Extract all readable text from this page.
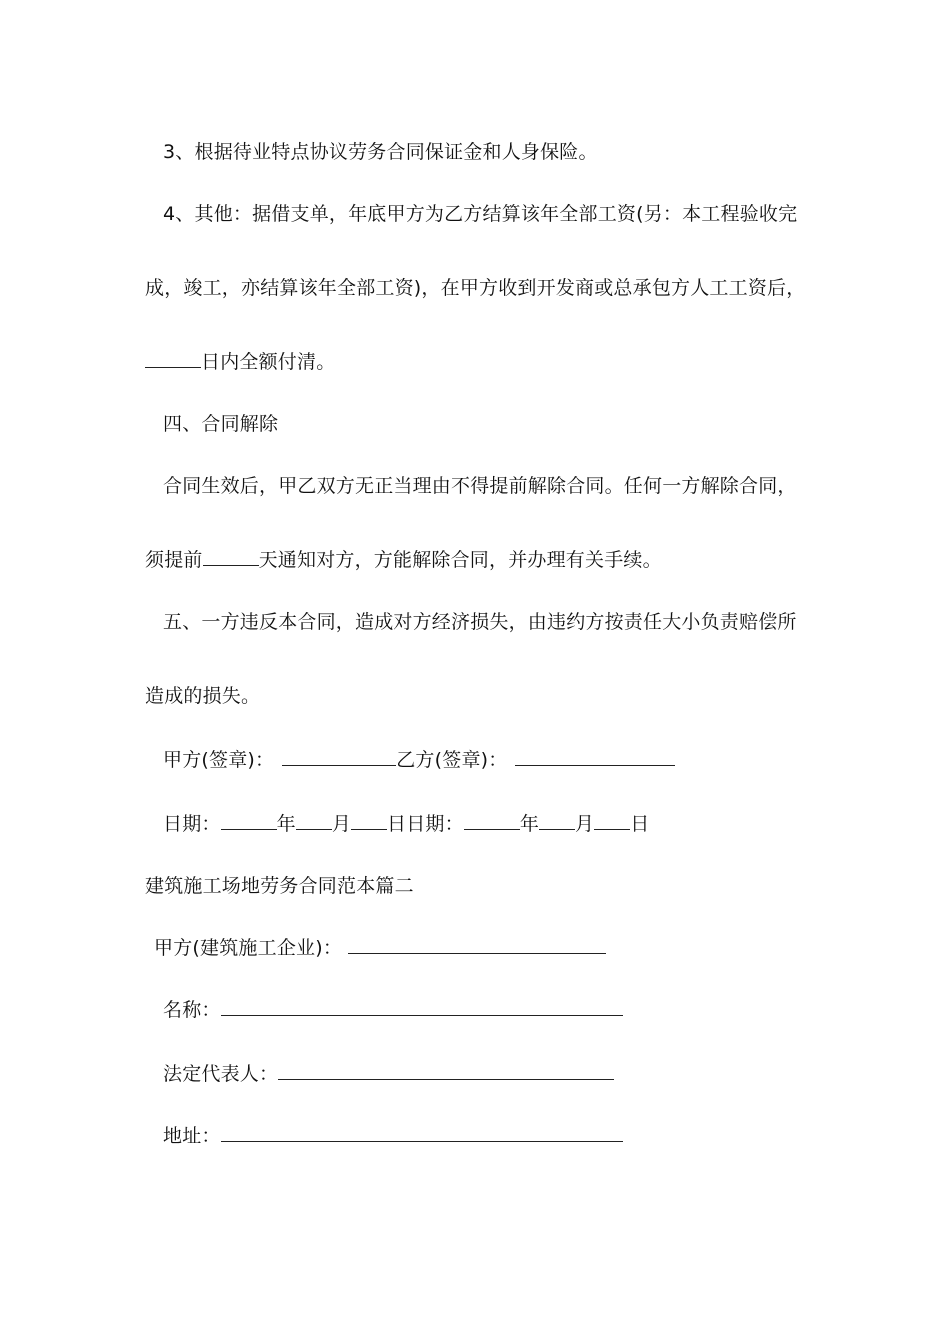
3、根据待业特点协议劳务合同保证金和人身保险。
4、其他：据借支单，年底甲方为乙方结算该年全部工资(另：本工程验收完
成，竣工，亦结算该年全部工资)，在甲方收到开发商或总承包方人工工资后，
日内全额付清。
四、合同解除
合同生效后，甲乙双方无正当理由不得提前解除合同。任何一方解除合同，
须提前	天通知对方，方能解除合同，并办理有关手续。
五、一方违反本合同，造成对方经济损失，由违约方按责任大小负责赔偿所
造成的损失。
甲方(签章)：	乙方(签章)：
日期：	年 月 日日期：	年 月 日
建筑施工场地劳务合同范本篇二
甲方(建筑施工企业)：
名称：
法定代表人：
地址：
